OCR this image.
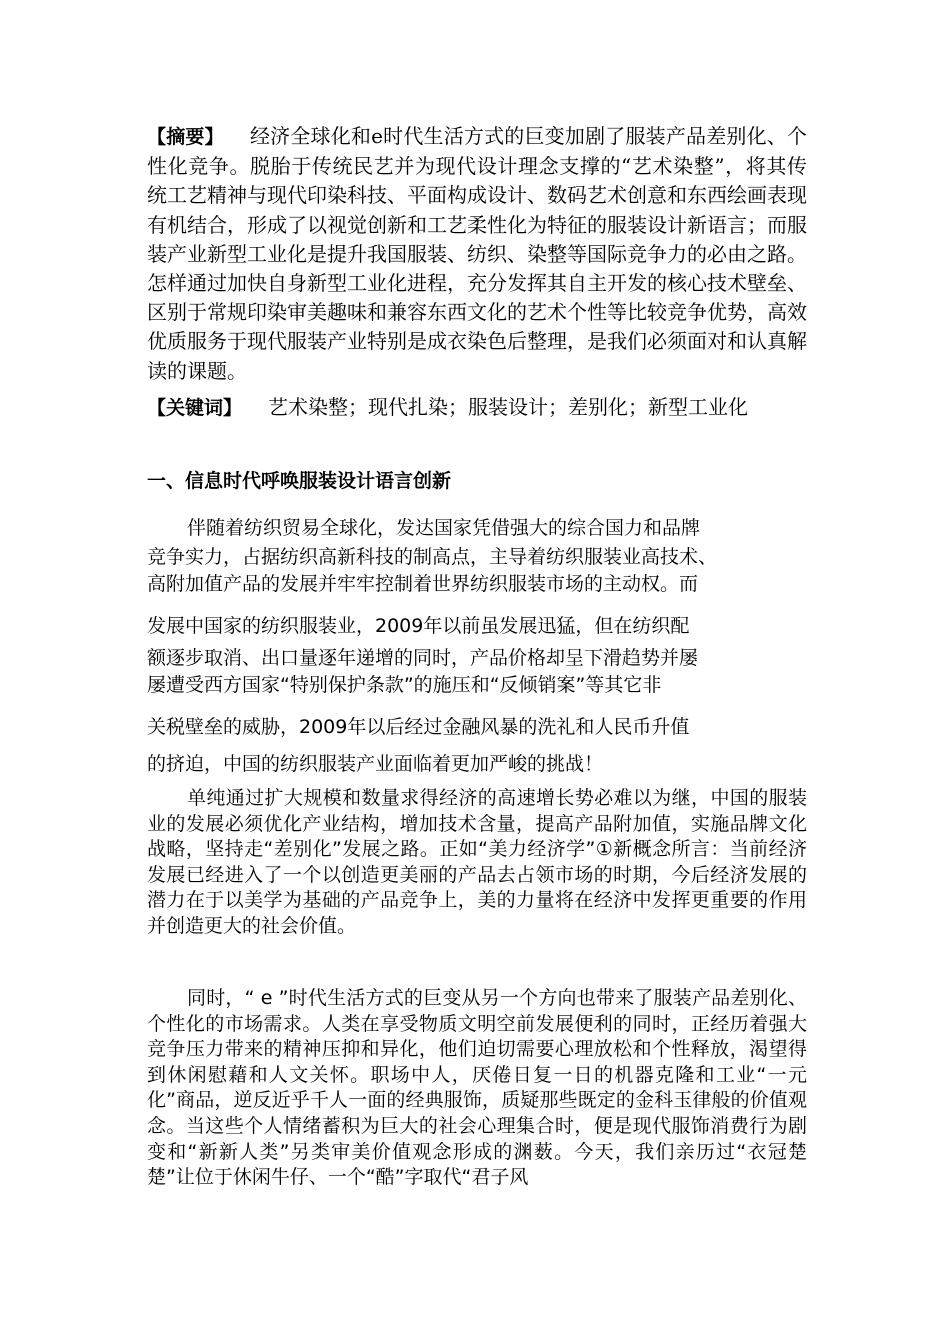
【摘要】 经济全球化和e时代生活方式的巨变加剧了服装产品差别化、个性化竞争。脱胎于传统民艺并为现代设计理念支撑的“艺术染整”，将其传统工艺精神与现代印染科技、平面构成设计、数码艺术创意和东西绘画表现有机结合，形成了以视觉创新和工艺柔性化为特征的服装设计新语言；而服装产业新型工业化是提升我国服装、纺织、染整等国际竞争力的必由之路。怎样通过加快自身新型工业化进程，充分发挥其自主开发的核心技术壁垒、区别于常规印染审美趣味和兼容东西文化的艺术个性等比较竞争优势，高效优质服务于现代服装产业特别是成衣染色后整理，是我们必须面对和认真解读的课题。
【关键词】 艺术染整；现代扎染；服装设计；差别化；新型工业化
一、信息时代呼唤服装设计语言创新
伴随着纺织贸易全球化，发达国家凭借强大的综合国力和品牌
竞争实力，占据纺织高新科技的制高点，主导着纺织服装业高技术、
高附加值产品的发展并牢牢控制着世界纺织服装市场的主动权。而
发展中国家的纺织服装业，2009年以前虽发展迅猛，但在纺织配
额逐步取消、出口量逐年递增的同时，产品价格却呈下滑趋势并屡
屡遭受西方国家“特别保护条款”的施压和“反倾销案”等其它非
关税壁垒的威胁，2009年以后经过金融风暴的洗礼和人民币升值
的挤迫，中国的纺织服装产业面临着更加严峻的挑战！
单纯通过扩大规模和数量求得经济的高速增长势必难以为继，中国的服装业的发展必须优化产业结构，增加技术含量，提高产品附加值，实施品牌文化战略，坚持走“差别化”发展之路。正如“美力经济学”①新概念所言：当前经济发展已经进入了一个以创造更美丽的产品去占领市场的时期，今后经济发展的潜力在于以美学为基础的产品竞争上，美的力量将在经济中发挥更重要的作用并创造更大的社会价值。
同时，“ e ”时代生活方式的巨变从另一个方向也带来了服装产品差别化、个性化的市场需求。人类在享受物质文明空前发展便利的同时，正经历着强大竞争压力带来的精神压抑和异化，他们迫切需要心理放松和个性释放，渴望得到休闲慰藉和人文关怀。职场中人，厌倦日复一日的机器克隆和工业“一元化”商品，逆反近乎千人一面的经典服饰，质疑那些既定的金科玉律般的价值观念。当这些个人情绪蓄积为巨大的社会心理集合时，便是现代服饰消费行为剧变和“新新人类”另类审美价值观念形成的渊薮。今天，我们亲历过“衣冠楚楚”让位于休闲牛仔、一个“酷”字取代“君子风
